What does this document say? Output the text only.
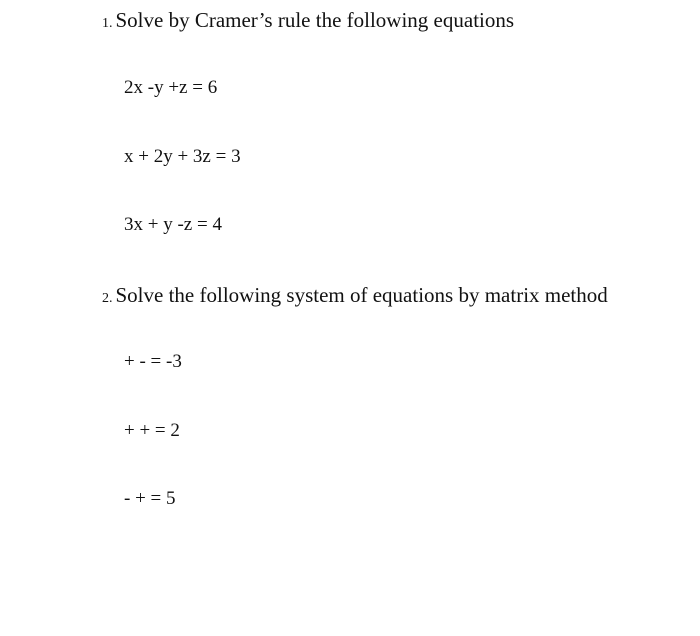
1. Solve by Cramer’s rule the following equations
2x -y +z = 6
x + 2y + 3z = 3
3x + y -z = 4
2. Solve the following system of equations by matrix method
+ - = -3
+ + = 2
- + = 5
